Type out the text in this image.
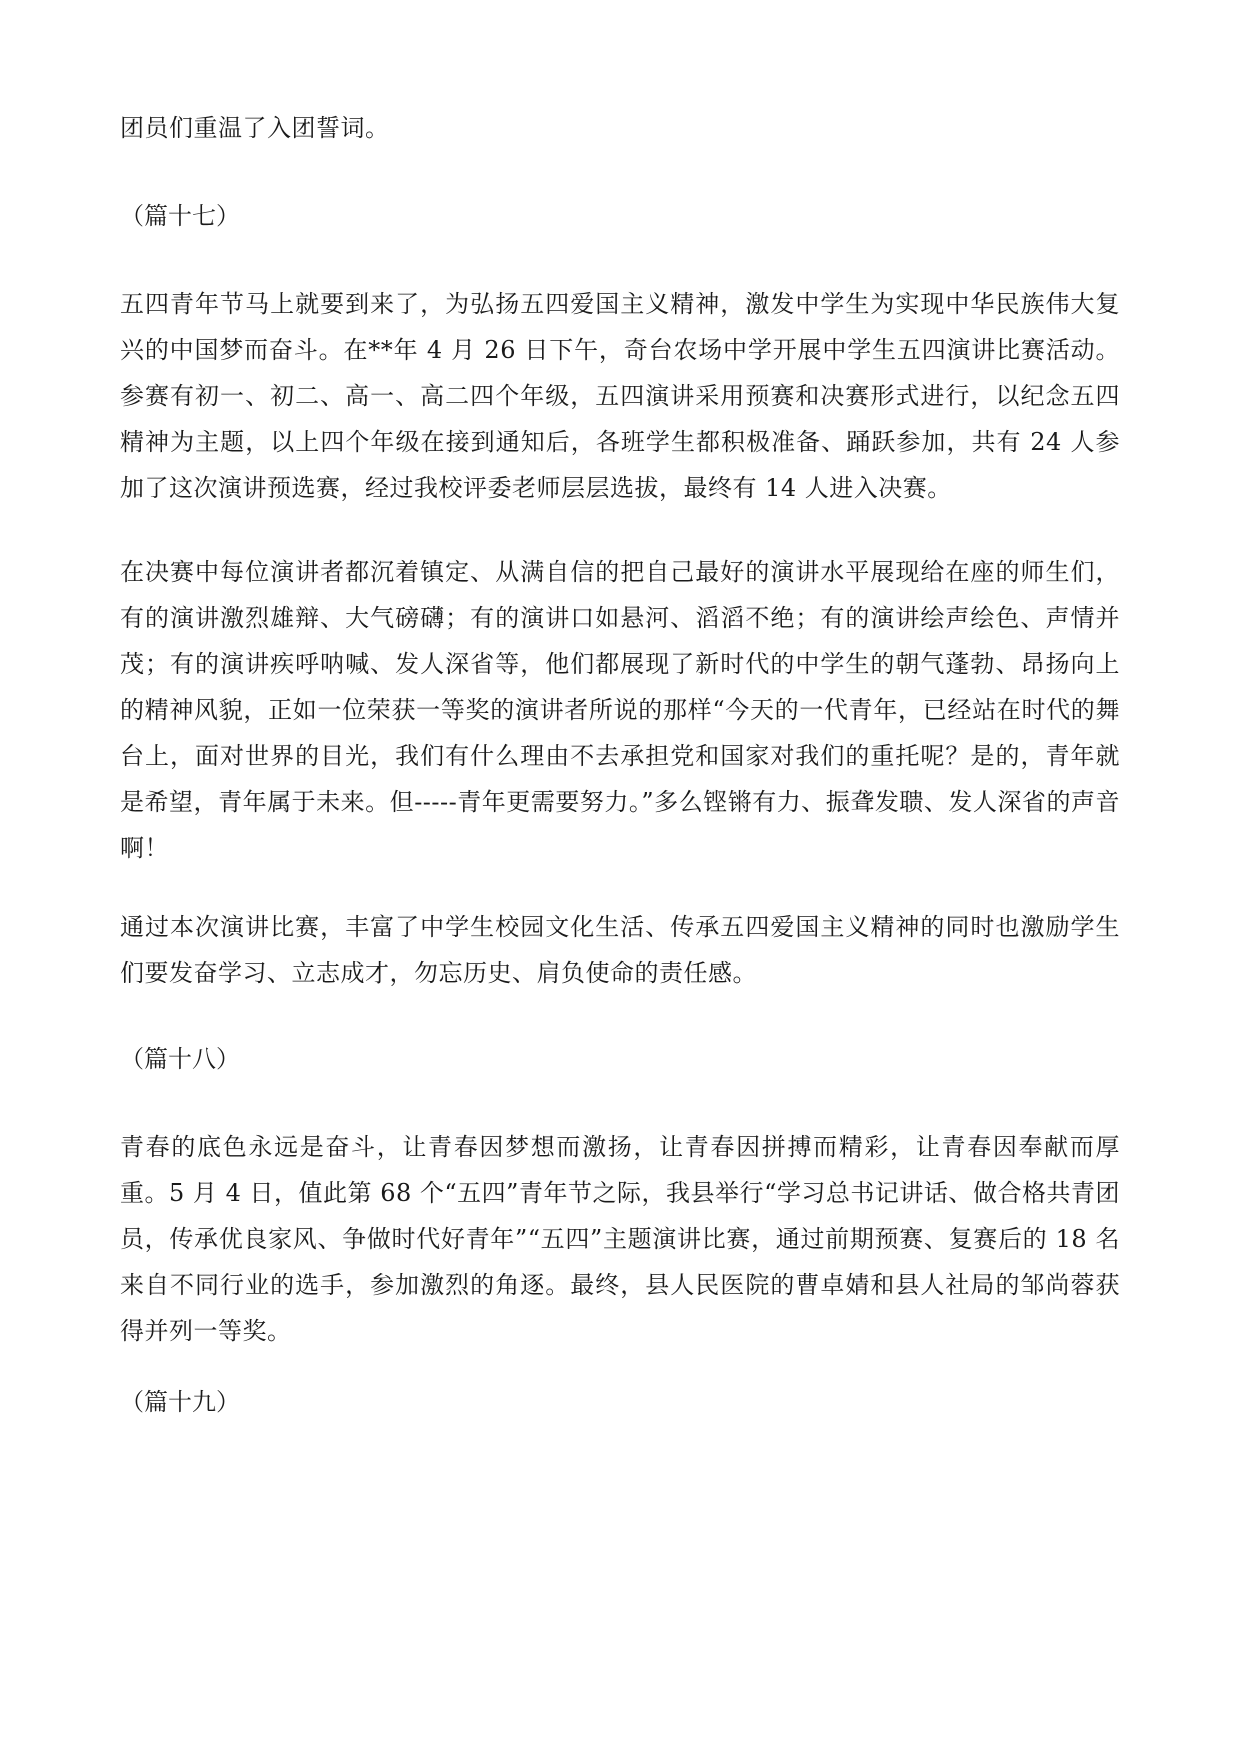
团员们重温了入团誓词。

（篇十七）

五四青年节马上就要到来了，为弘扬五四爱国主义精神，激发中学生为实现中华民族伟大复兴的中国梦而奋斗。在**年 4 月 26 日下午，奇台农场中学开展中学生五四演讲比赛活动。参赛有初一、初二、高一、高二四个年级，五四演讲采用预赛和决赛形式进行，以纪念五四精神为主题，以上四个年级在接到通知后，各班学生都积极准备、踊跃参加，共有 24 人参加了这次演讲预选赛，经过我校评委老师层层选拔，最终有 14 人进入决赛。

在决赛中每位演讲者都沉着镇定、从满自信的把自己最好的演讲水平展现给在座的师生们，有的演讲激烈雄辩、大气磅礴；有的演讲口如悬河、滔滔不绝；有的演讲绘声绘色、声情并茂；有的演讲疾呼呐喊、发人深省等，他们都展现了新时代的中学生的朝气蓬勃、昂扬向上的精神风貌，正如一位荣获一等奖的演讲者所说的那样“今天的一代青年，已经站在时代的舞台上，面对世界的目光，我们有什么理由不去承担党和国家对我们的重托呢？是的，青年就是希望，青年属于未来。但-----青年更需要努力。”多么铿锵有力、振聋发聩、发人深省的声音啊！

通过本次演讲比赛，丰富了中学生校园文化生活、传承五四爱国主义精神的同时也激励学生们要发奋学习、立志成才，勿忘历史、肩负使命的责任感。

（篇十八）

青春的底色永远是奋斗，让青春因梦想而激扬，让青春因拼搏而精彩，让青春因奉献而厚重。5 月 4 日，值此第 68 个“五四”青年节之际，我县举行“学习总书记讲话、做合格共青团员，传承优良家风、争做时代好青年”“五四”主题演讲比赛，通过前期预赛、复赛后的 18 名来自不同行业的选手，参加激烈的角逐。最终，县人民医院的曹卓婧和县人社局的邹尚蓉获得并列一等奖。

（篇十九）
